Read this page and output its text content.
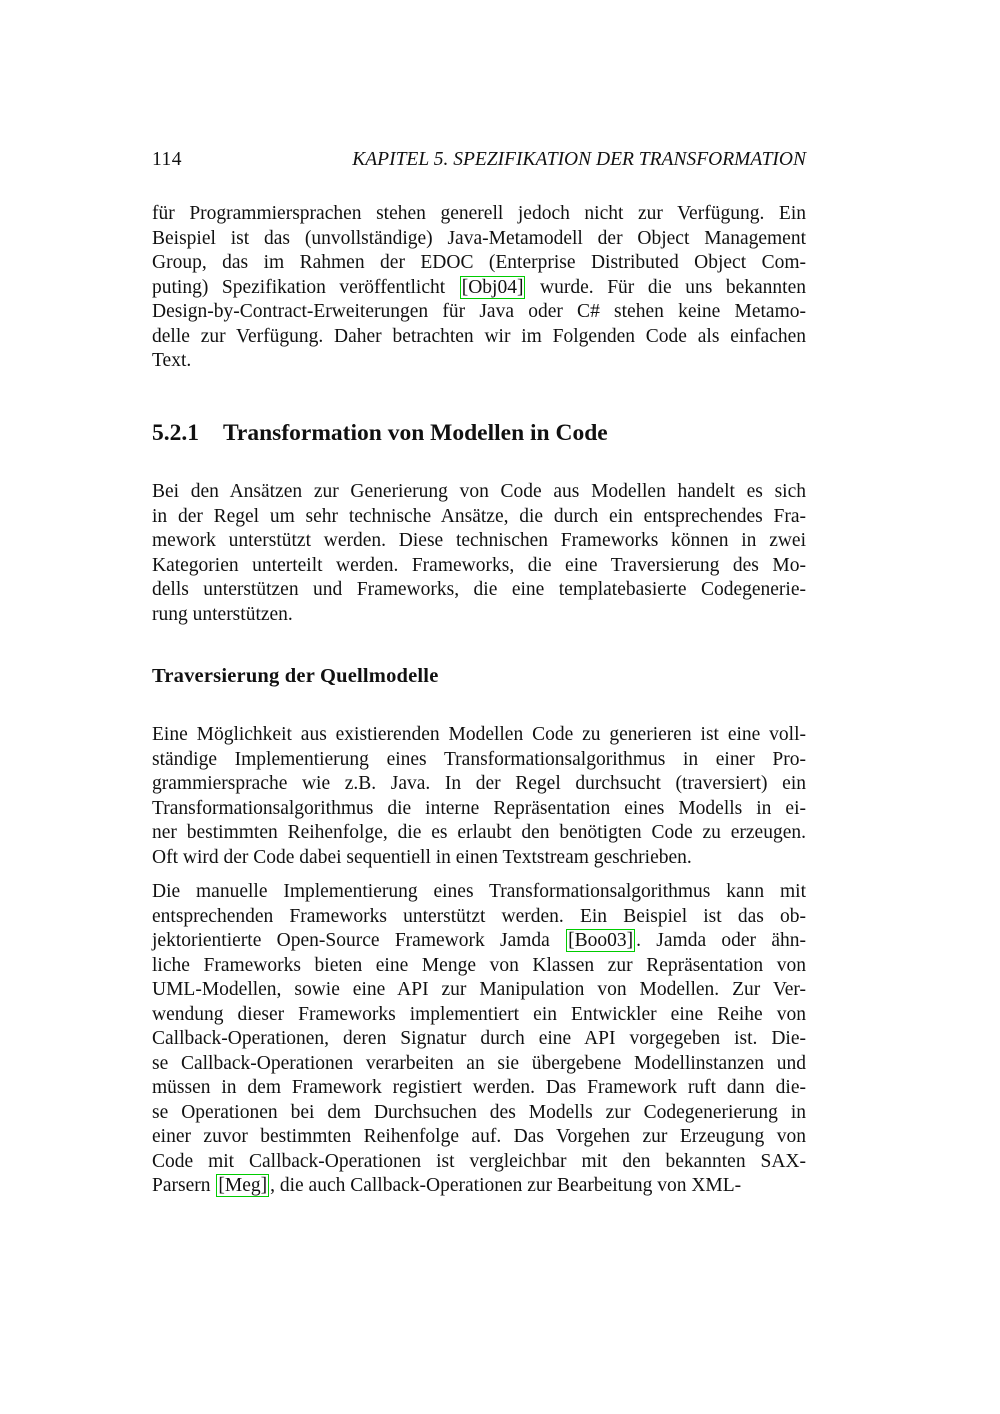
114	KAPITEL 5. SPEZIFIKATION DER TRANSFORMATION
für Programmiersprachen stehen generell jedoch nicht zur Verfügung. Ein
Beispiel ist das (unvollständige) Java-Metamodell der Object Management
Group, das im Rahmen der EDOC (Enterprise Distributed Object Com-
puting) Spezifikation veröffentlicht [Obj04] wurde. Für die uns bekannten
Design-by-Contract-Erweiterungen für Java oder C# stehen keine Metamo-
delle zur Verfügung. Daher betrachten wir im Folgenden Code als einfachen
Text.
5.2.1 Transformation von Modellen in Code
Bei den Ansätzen zur Generierung von Code aus Modellen handelt es sich
in der Regel um sehr technische Ansätze, die durch ein entsprechendes Fra-
mework unterstützt werden. Diese technischen Frameworks können in zwei
Kategorien unterteilt werden. Frameworks, die eine Traversierung des Mo-
dells unterstützen und Frameworks, die eine templatebasierte Codegenerie-
rung unterstützen.
Traversierung der Quellmodelle
Eine Möglichkeit aus existierenden Modellen Code zu generieren ist eine voll-
ständige Implementierung eines Transformationsalgorithmus in einer Pro-
grammiersprache wie z.B. Java. In der Regel durchsucht (traversiert) ein
Transformationsalgorithmus die interne Repräsentation eines Modells in ei-
ner bestimmten Reihenfolge, die es erlaubt den benötigten Code zu erzeugen.
Oft wird der Code dabei sequentiell in einen Textstream geschrieben.
Die manuelle Implementierung eines Transformationsalgorithmus kann mit
entsprechenden Frameworks unterstützt werden. Ein Beispiel ist das ob-
jektorientierte Open-Source Framework Jamda [Boo03] . Jamda oder ähn-
liche Frameworks bieten eine Menge von Klassen zur Repräsentation von
UML-Modellen, sowie eine API zur Manipulation von Modellen. Zur Ver-
wendung dieser Frameworks implementiert ein Entwickler eine Reihe von
Callback-Operationen, deren Signatur durch eine API vorgegeben ist. Die-
se Callback-Operationen verarbeiten an sie übergebene Modellinstanzen und
müssen in dem Framework registiert werden. Das Framework ruft dann die-
se Operationen bei dem Durchsuchen des Modells zur Codegenerierung in
einer zuvor bestimmten Reihenfolge auf. Das Vorgehen zur Erzeugung von
Code mit Callback-Operationen ist vergleichbar mit den bekannten SAX-
Parsern [Meg] , die auch Callback-Operationen zur Bearbeitung von XML-
